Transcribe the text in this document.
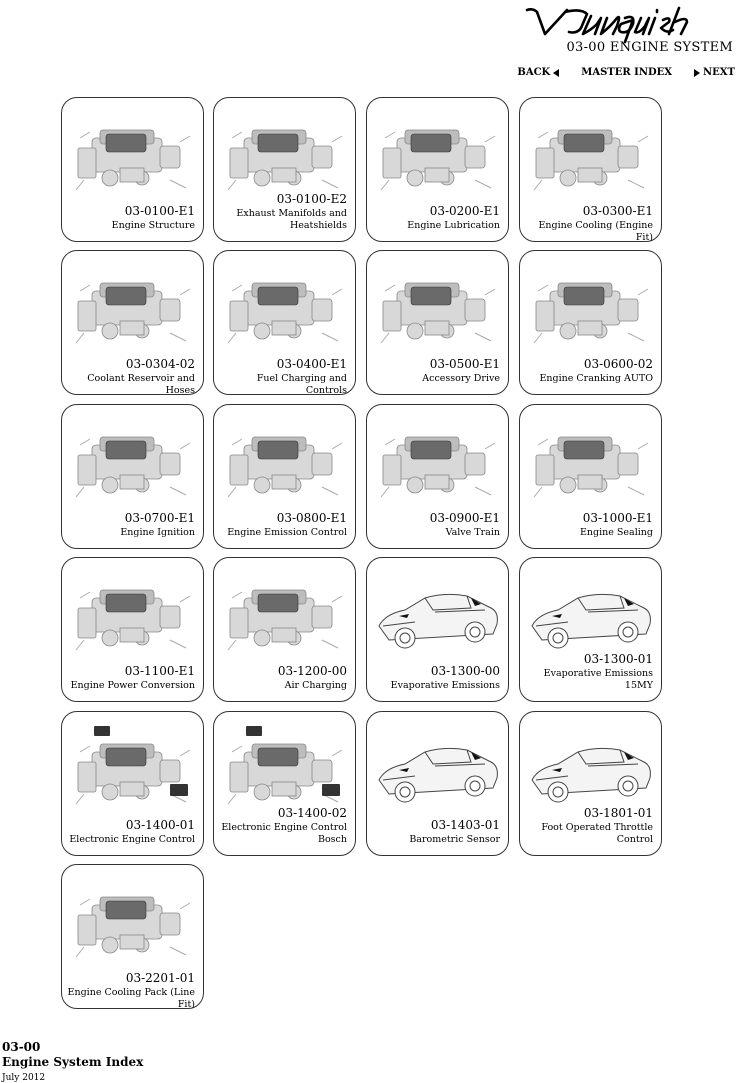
03-00 ENGINE SYSTEM
BACK	MASTER INDEX	NEXT
03-0100-E1
Engine Structure
03-0100-E2
Exhaust Manifolds and
Heatshields
03-0200-E1
Engine Lubrication
03-0300-E1
Engine Cooling (Engine Fit)
03-0304-02
Coolant Reservoir and Hoses
03-0400-E1
Fuel Charging and Controls
03-0500-E1
Accessory Drive
03-0600-02
Engine Cranking AUTO
03-0700-E1
Engine Ignition
03-0800-E1
Engine Emission Control
03-0900-E1
Valve Train
03-1000-E1
Engine Sealing
03-1100-E1
Engine Power Conversion
03-1200-00
Air Charging
03-1300-00
Evaporative Emissions
03-1300-01
Evaporative Emissions
15MY
03-1400-01
Electronic Engine Control
03-1400-02
Electronic Engine Control
Bosch
03-1403-01
Barometric Sensor
03-1801-01
Foot Operated Throttle
Control
03-2201-01
Engine Cooling Pack (Line Fit)
03-00
Engine System Index
July 2012
